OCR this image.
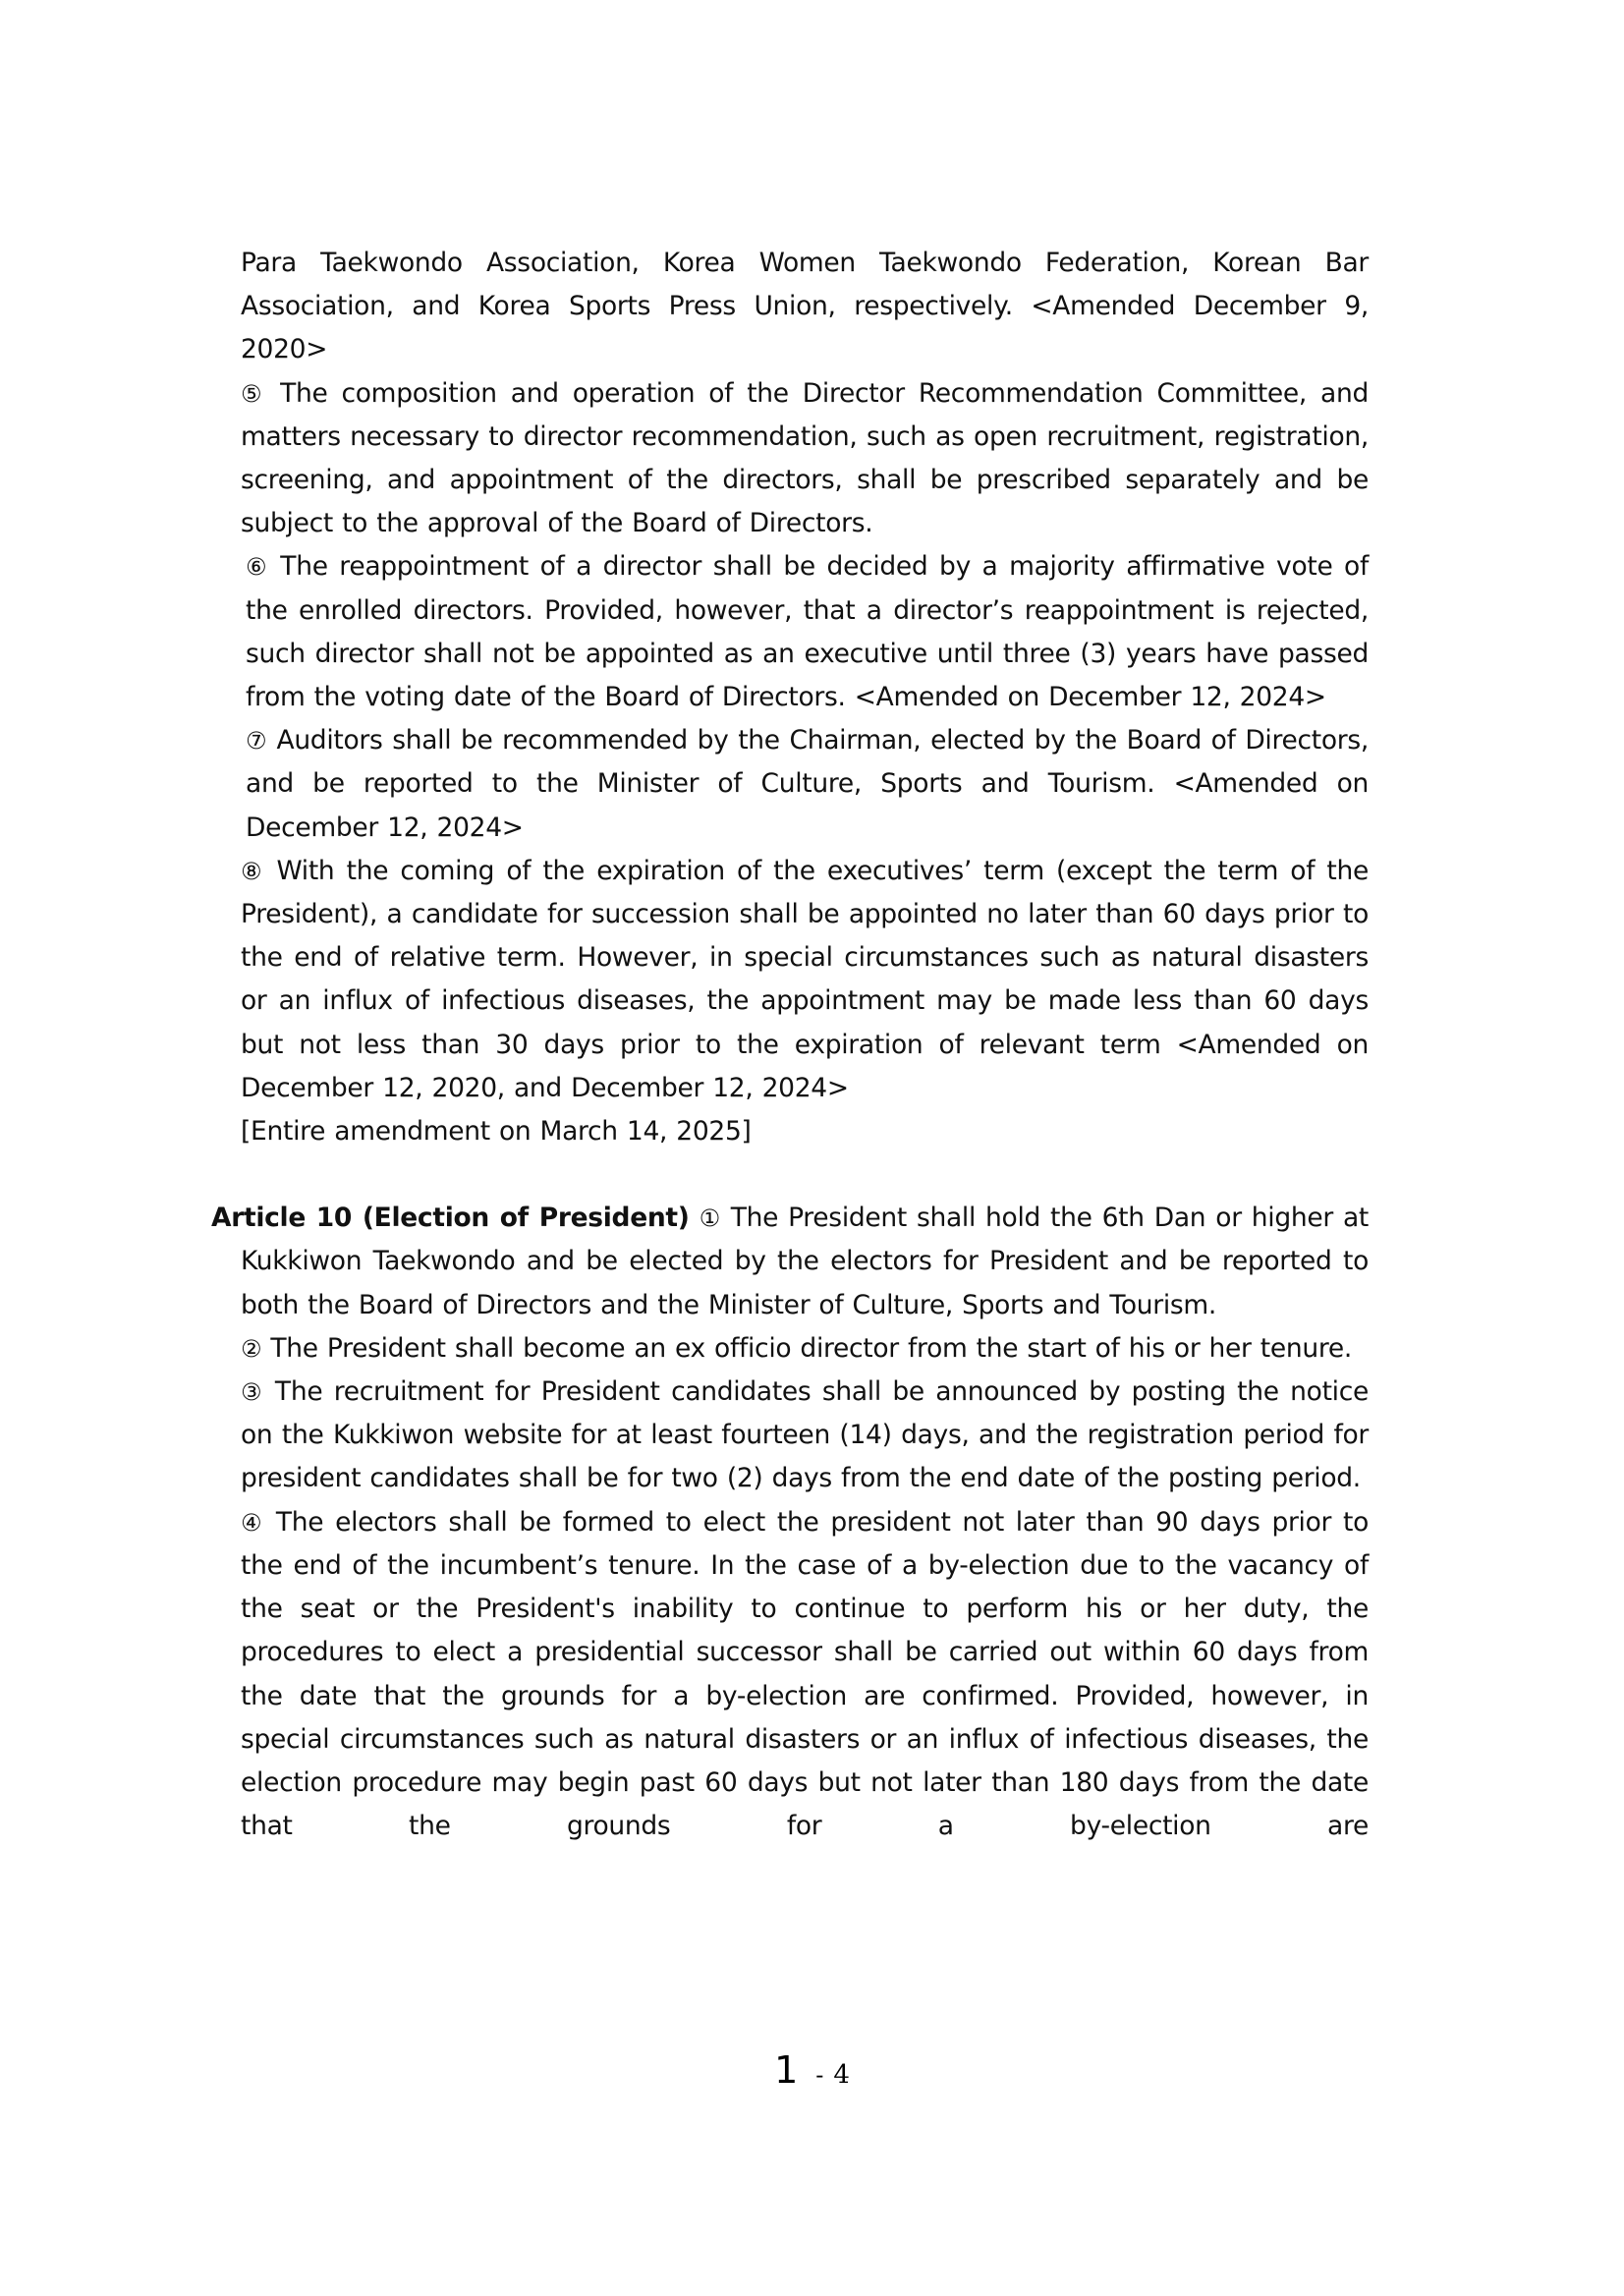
Para Taekwondo Association, Korea Women Taekwondo Federation, Korean Bar Association, and Korea Sports Press Union, respectively. <Amended December 9, 2020>

⑤ The composition and operation of the Director Recommendation Committee, and matters necessary to director recommendation, such as open recruitment, registration, screening, and appointment of the directors, shall be prescribed separately and be subject to the approval of the Board of Directors.

⑥ The reappointment of a director shall be decided by a majority affirmative vote of the enrolled directors. Provided, however, that a director’s reappointment is rejected, such director shall not be appointed as an executive until three (3) years have passed from the voting date of the Board of Directors. <Amended on December 12, 2024>

⑦ Auditors shall be recommended by the Chairman, elected by the Board of Directors, and be reported to the Minister of Culture, Sports and Tourism. <Amended on December 12, 2024>

⑧ With the coming of the expiration of the executives’ term (except the term of the President), a candidate for succession shall be appointed no later than 60 days prior to the end of relative term. However, in special circumstances such as natural disasters or an influx of infectious diseases, the appointment may be made less than 60 days but not less than 30 days prior to the expiration of relevant term <Amended on December 12, 2020, and December 12, 2024>

[Entire amendment on March 14, 2025]

Article 10 (Election of President) ① The President shall hold the 6th Dan or higher at Kukkiwon Taekwondo and be elected by the electors for President and be reported to both the Board of Directors and the Minister of Culture, Sports and Tourism.

② The President shall become an ex officio director from the start of his or her tenure.

③ The recruitment for President candidates shall be announced by posting the notice on the Kukkiwon website for at least fourteen (14) days, and the registration period for president candidates shall be for two (2) days from the end date of the posting period.

④ The electors shall be formed to elect the president not later than 90 days prior to the end of the incumbent’s tenure. In the case of a by-election due to the vacancy of the seat or the President's inability to continue to perform his or her duty, the procedures to elect a presidential successor shall be carried out within 60 days from the date that the grounds for a by-election are confirmed. Provided, however, in special circumstances such as natural disasters or an influx of infectious diseases, the election procedure may begin past 60 days but not later than 180 days from the date that the grounds for a by-election are

1 - 4
